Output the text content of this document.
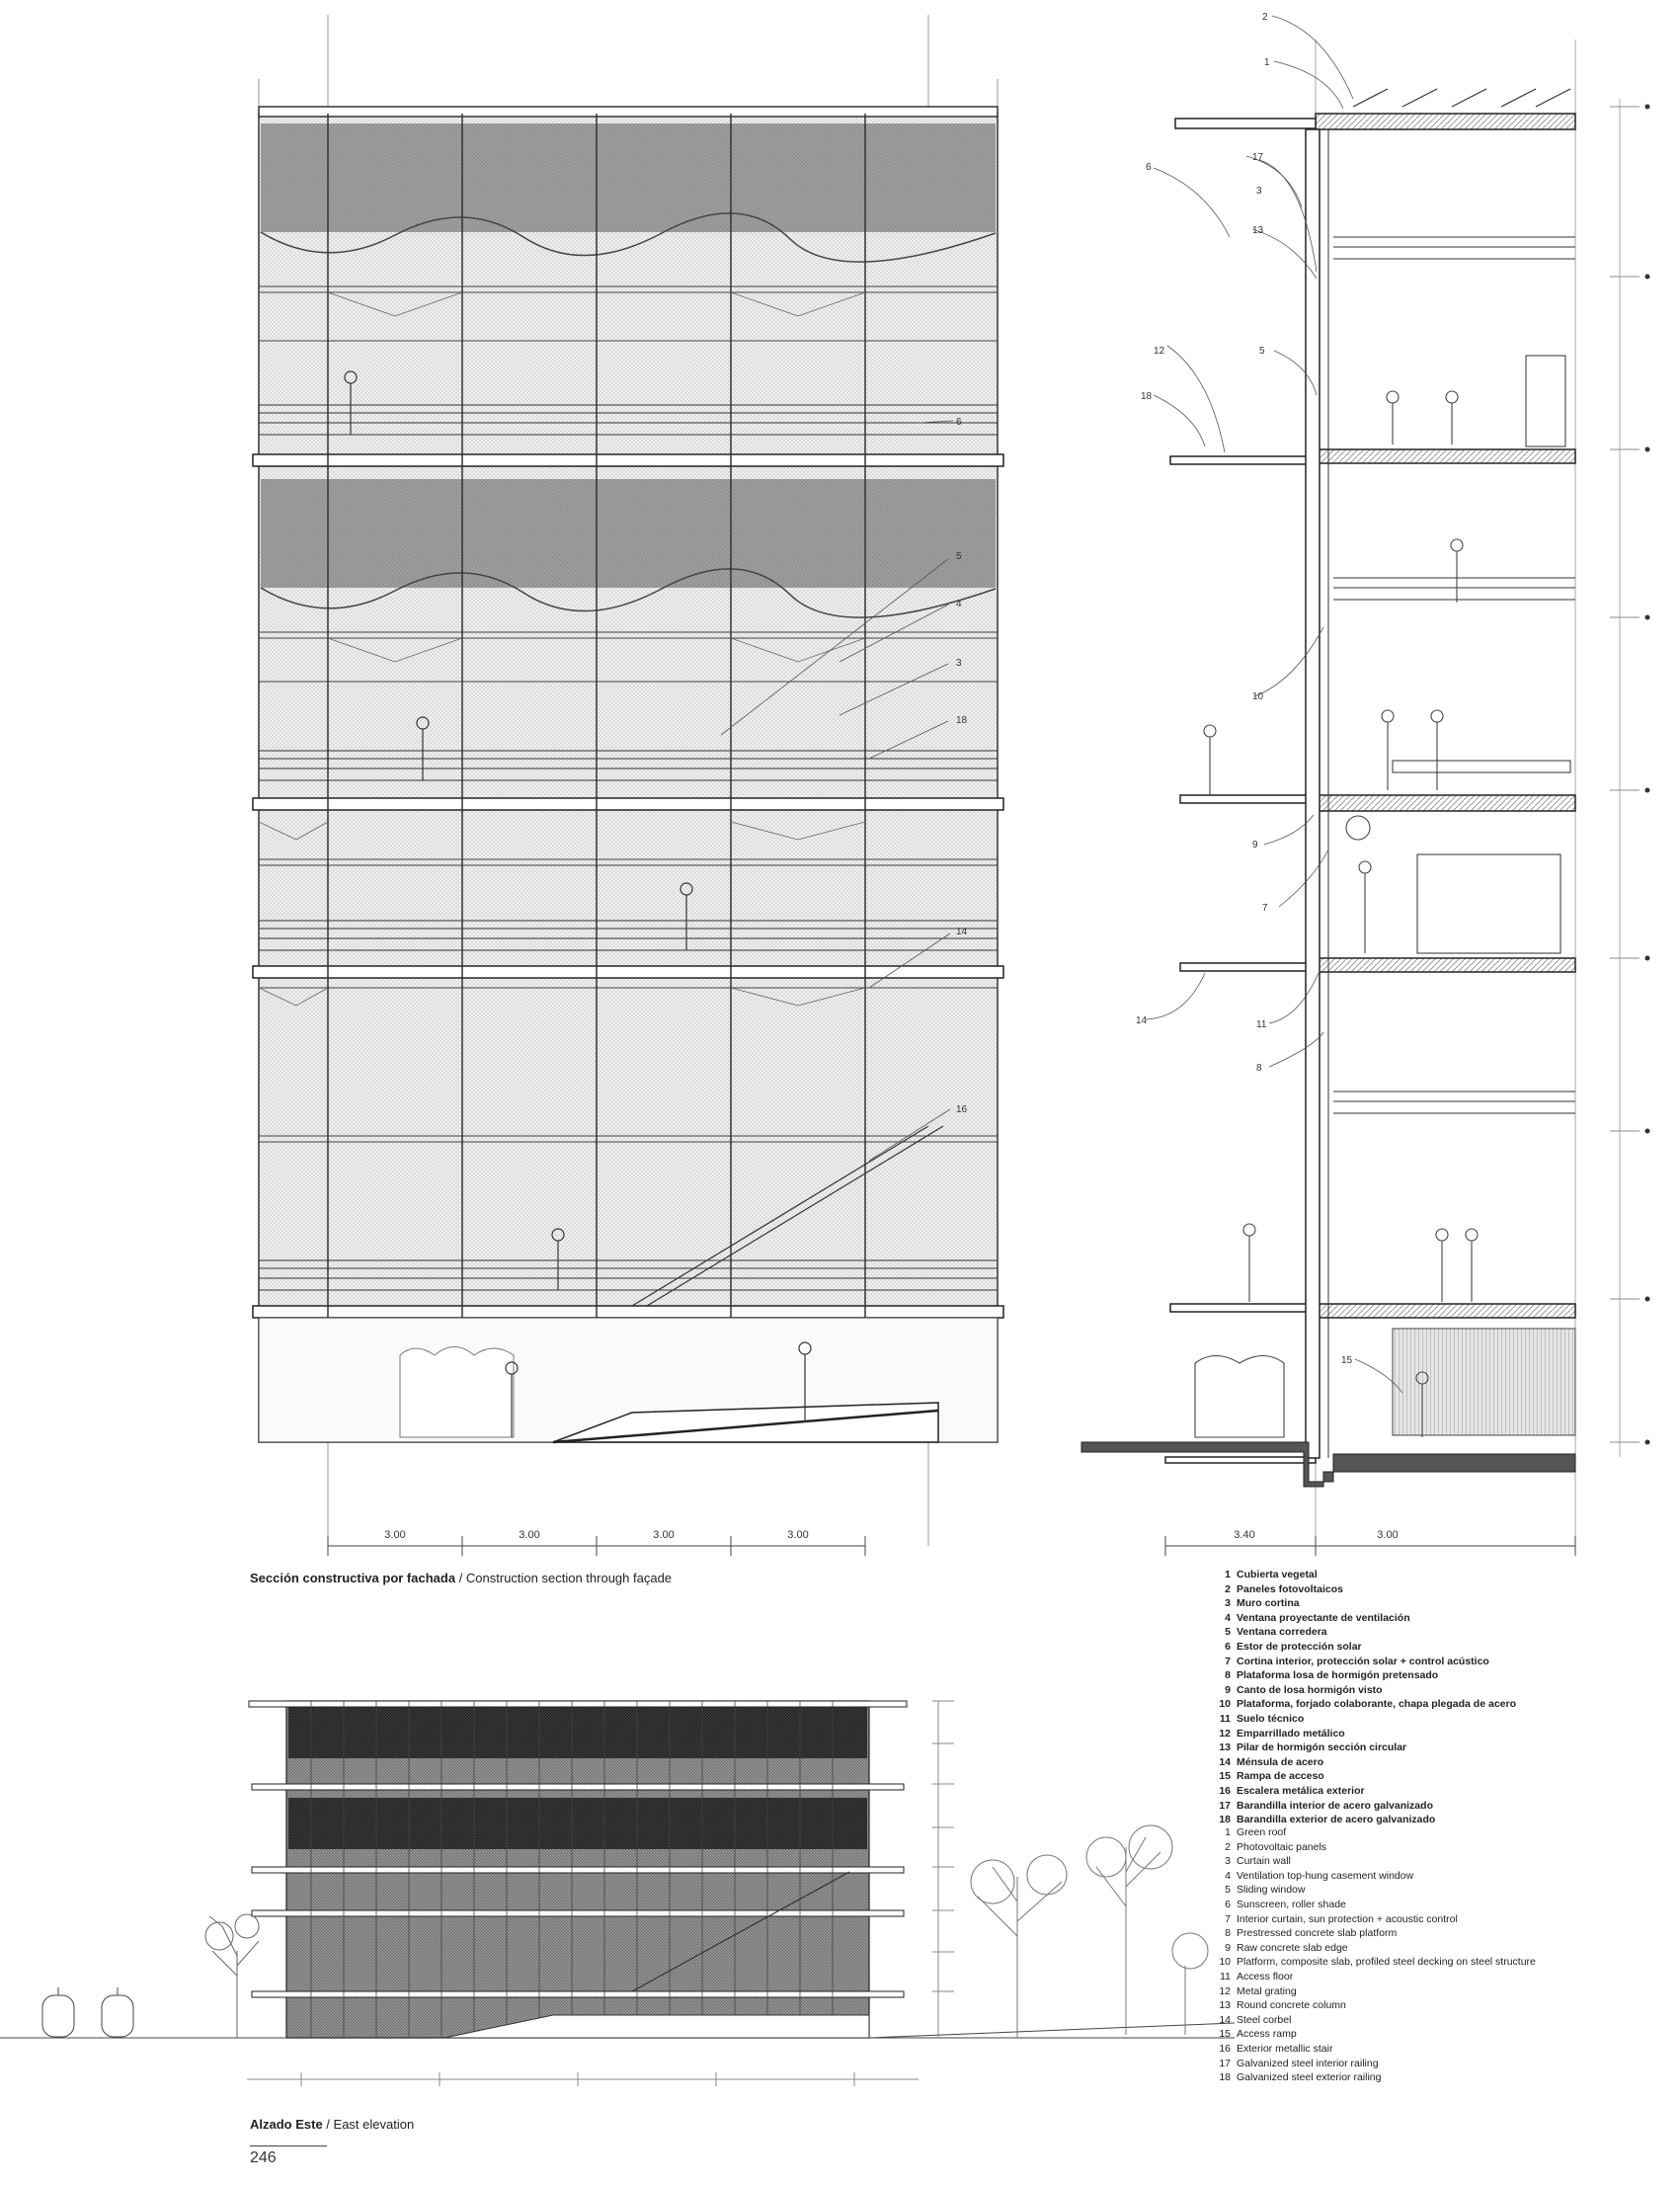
6
5
4
3
18
14
16
3.00	3.00	3.00	3.00
2
1
17
3
6
13
5
12
18
10
9
7
14	11
8
15
3.40	3.00
Sección constructiva por fachada / Construction section through façade
Alzado Este / East elevation
1 Cubierta vegetal
2 Paneles fotovoltaicos
3 Muro cortina
4 Ventana proyectante de ventilación
5 Ventana corredera
6 Estor de protección solar
7 Cortina interior, protección solar + control acústico
8 Plataforma losa de hormigón pretensado
9 Canto de losa hormigón visto
10 Plataforma, forjado colaborante, chapa plegada de acero
11 Suelo técnico
12 Emparrillado metálico
13 Pilar de hormigón sección circular
14 Ménsula de acero
15 Rampa de acceso
16 Escalera metálica exterior
17 Barandilla interior de acero galvanizado
18 Barandilla exterior de acero galvanizado
1 Green roof
2 Photovoltaic panels
3 Curtain wall
4 Ventilation top-hung casement window
5 Sliding window
6 Sunscreen, roller shade
7 Interior curtain, sun protection + acoustic control
8 Prestressed concrete slab platform
9 Raw concrete slab edge
10 Platform, composite slab, profiled steel decking on steel structure
11 Access floor
12 Metal grating
13 Round concrete column
14 Steel corbel
15 Access ramp
16 Exterior metallic stair
17 Galvanized steel interior railing
18 Galvanized steel exterior railing
246
